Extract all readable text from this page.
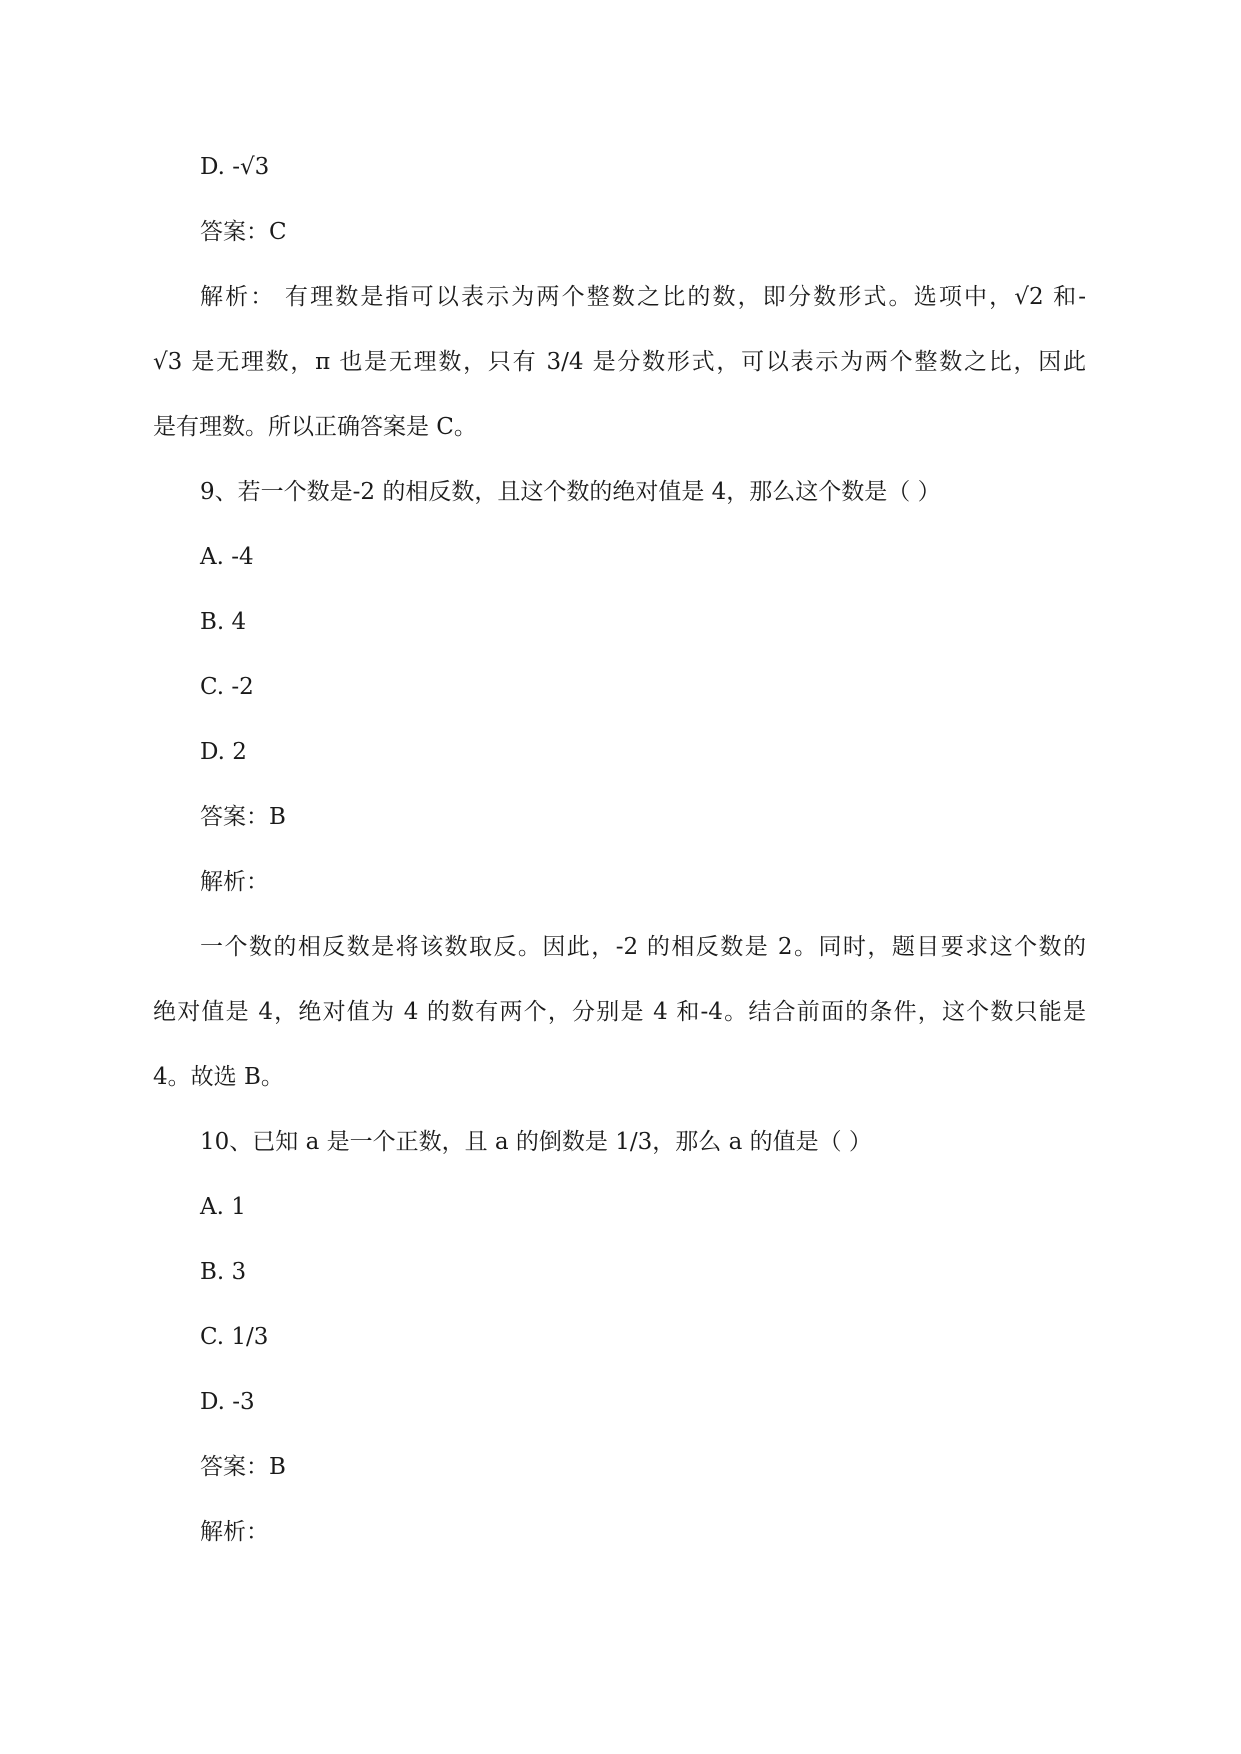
D. -√3
答案：C
解析： 有理数是指可以表示为两个整数之比的数，即分数形式。选项中，√2 和-
√3 是无理数，π 也是无理数，只有 3/4 是分数形式，可以表示为两个整数之比，因此
是有理数。所以正确答案是 C。
9、若一个数是-2 的相反数，且这个数的绝对值是 4，那么这个数是（ ）
A. -4
B. 4
C. -2
D. 2
答案：B
解析：
一个数的相反数是将该数取反。因此，-2 的相反数是 2。同时，题目要求这个数的
绝对值是 4，绝对值为 4 的数有两个，分别是 4 和-4。结合前面的条件，这个数只能是
4。故选 B。
10、已知 a 是一个正数，且 a 的倒数是 1/3，那么 a 的值是（ ）
A. 1
B. 3
C. 1/3
D. -3
答案：B
解析：
